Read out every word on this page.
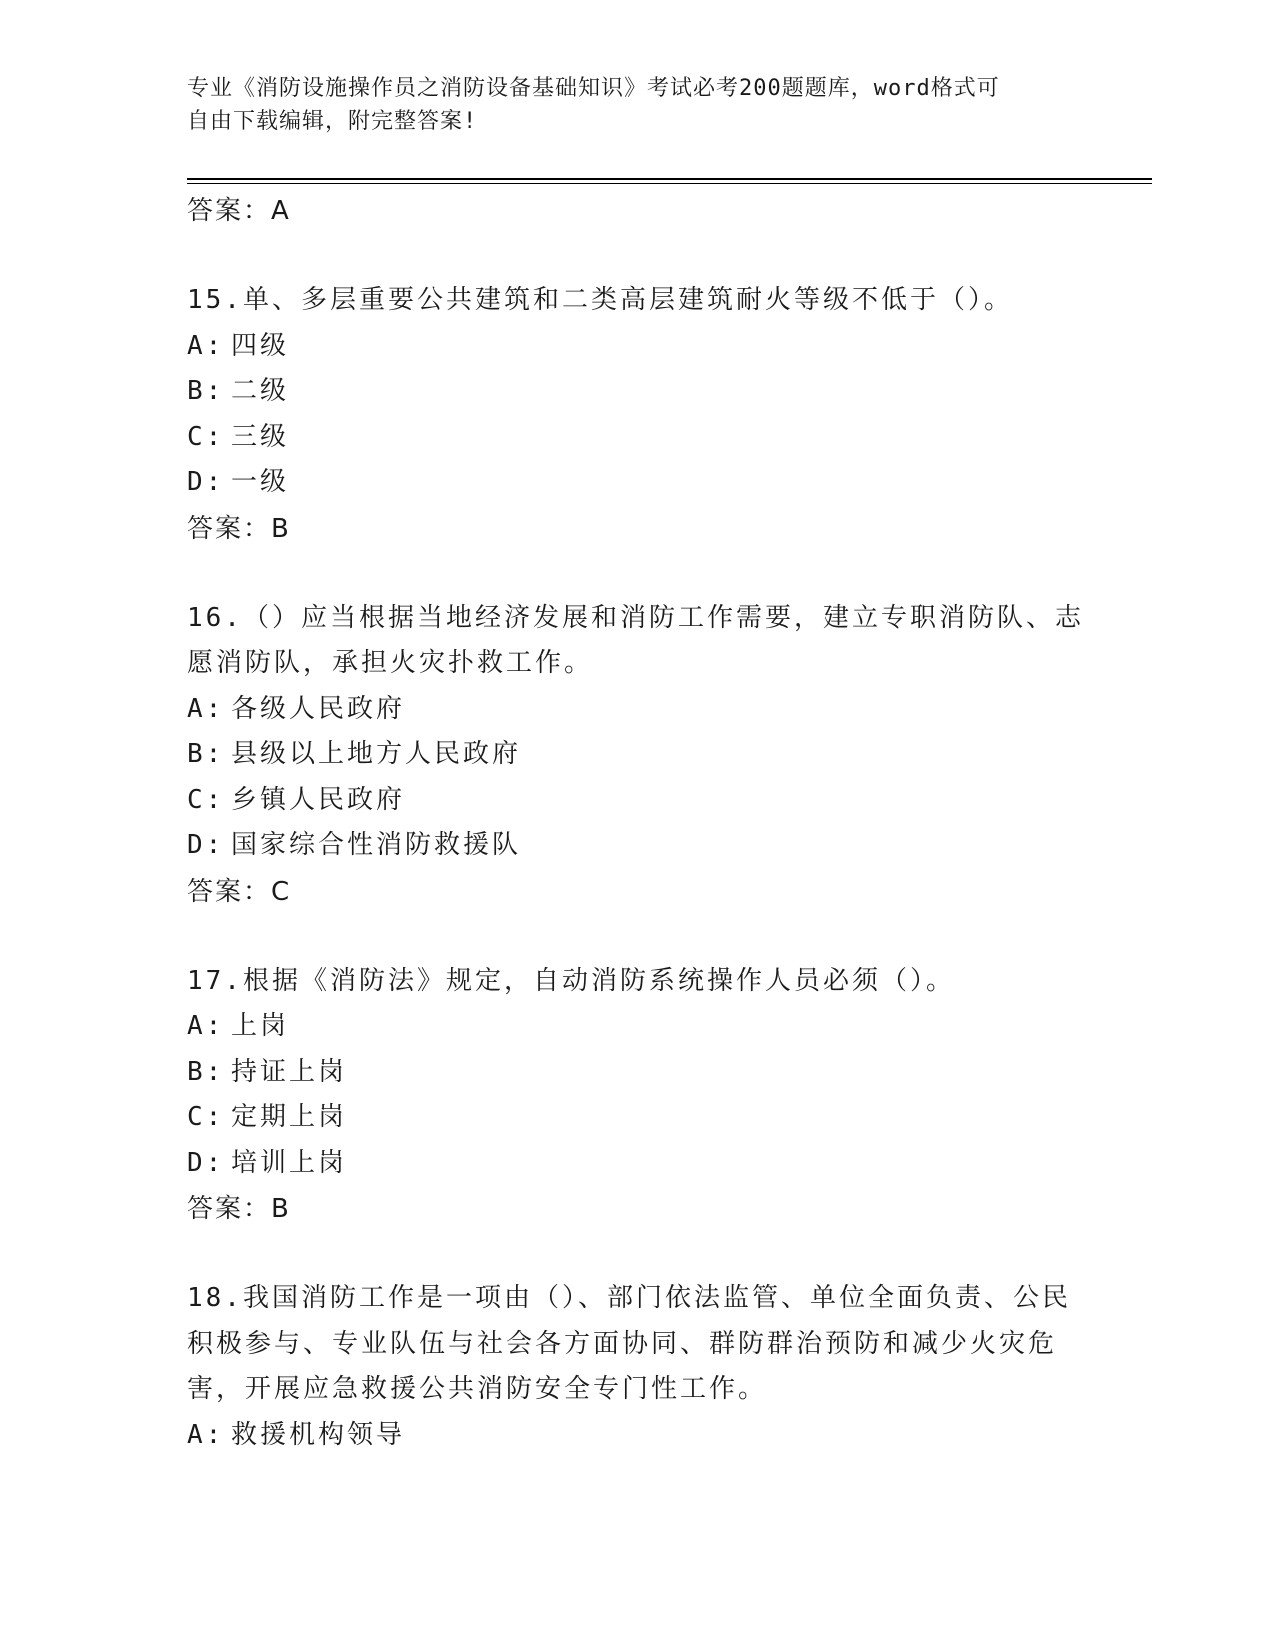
专业《消防设施操作员之消防设备基础知识》考试必考200题题库，word格式可
自由下载编辑，附完整答案!
答案：A
15.单、多层重要公共建筑和二类高层建筑耐火等级不低于（）。
A: 四级
B: 二级
C: 三级
D: 一级
答案：B
16.（）应当根据当地经济发展和消防工作需要，建立专职消防队、志
愿消防队，承担火灾扑救工作。
A: 各级人民政府
B: 县级以上地方人民政府
C: 乡镇人民政府
D: 国家综合性消防救援队
答案：C
17.根据《消防法》规定，自动消防系统操作人员必须（）。
A: 上岗
B: 持证上岗
C: 定期上岗
D: 培训上岗
答案：B
18.我国消防工作是一项由（）、部门依法监管、单位全面负责、公民
积极参与、专业队伍与社会各方面协同、群防群治预防和减少火灾危
害，开展应急救援公共消防安全专门性工作。
A: 救援机构领导
